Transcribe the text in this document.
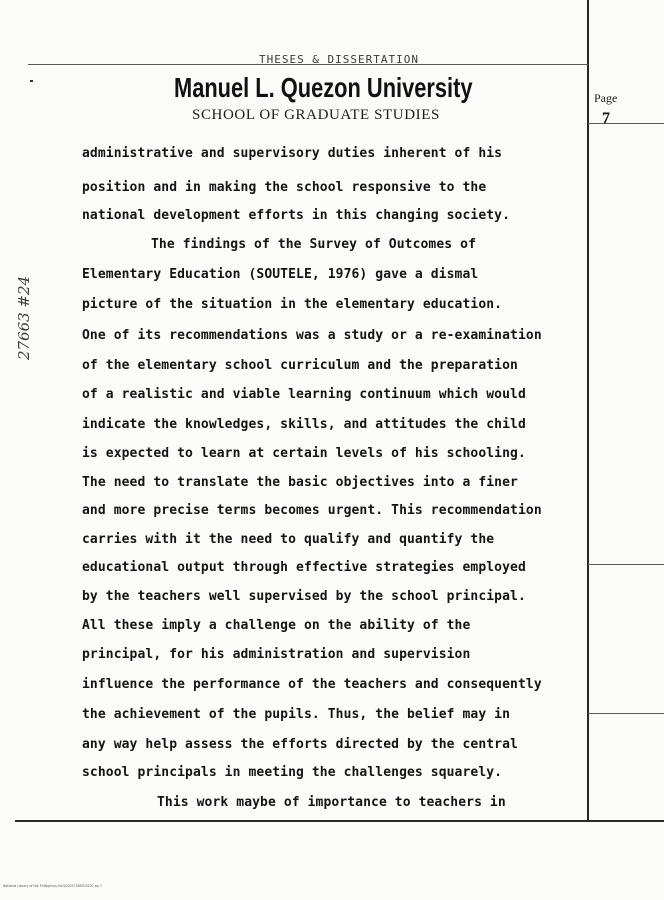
THESES & DISSERTATION
Manuel L. Quezon University
SCHOOL OF GRADUATE STUDIES
Page
7
27663 #24
administrative and supervisory duties inherent of his
position and in making the school responsive to the
national development efforts in this changing society.
The findings of the Survey of Outcomes of
Elementary Education (SOUTELE, 1976) gave a dismal
picture of the situation in the elementary education.
One of its recommendations was a study or a re-examination
of the elementary school curriculum and the preparation
of a realistic and viable learning continuum which would
indicate the knowledges, skills, and attitudes the child
is expected to learn at certain levels of his schooling.
The need to translate the basic objectives into a finer
and more precise terms becomes urgent. This recommendation
carries with it the need to qualify and quantify the
educational output through effective strategies employed
by the teachers well supervised by the school principal.
All these imply a challenge on the ability of the
principal, for his administration and supervision
influence the performance of the teachers and consequently
the achievement of the pupils. Thus, the belief may in
any way help assess the efforts directed by the central
school principals in meeting the challenges squarely.
This work maybe of importance to teachers in
National Library of the Philippines MLQU0027366305207 pp 7
